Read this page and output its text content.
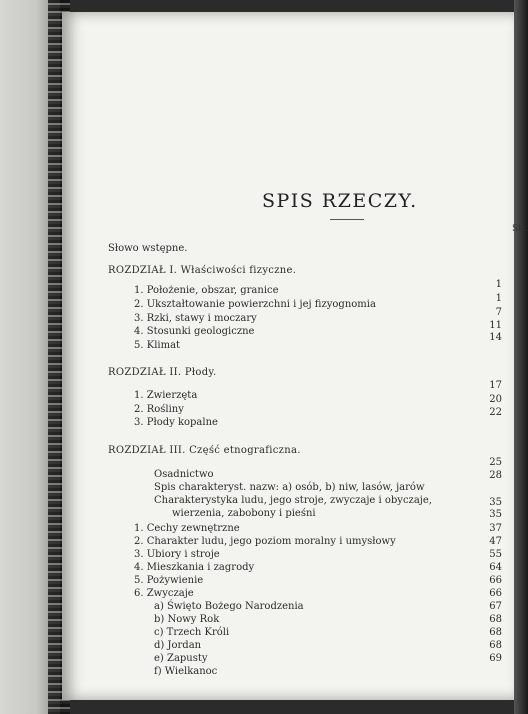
SPIS RZECZY.
Str.
Słowo wstępne.
ROZDZIAŁ I. Właściwości fizyczne.
1. Położenie, obszar, granice
1
2. Ukształtowanie powierzchni i jej fizyognomia
1
3. Rzki, stawy i moczary
7
4. Stosunki geologiczne
11
5. Klimat
14
ROZDZIAŁ II. Płody.
1. Zwierzęta
17
2. Rośliny
20
3. Płody kopalne
22
ROZDZIAŁ III. Część etnograficzna.
Osadnictwo
25
Spis charakteryst. nazw: a) osób, b) niw, lasów, jarów
28
Charakterystyka ludu, jego stroje, zwyczaje i obyczaje,
wierzenia, zabobony i pieśni
35
1. Cechy zewnętrzne
35
2. Charakter ludu, jego poziom moralny i umysłowy
37
3. Ubiory i stroje
47
4. Mieszkania i zagrody
55
5. Pożywienie
64
6. Zwyczaje
66
a) Święto Bożego Narodzenia
66
b) Nowy Rok
67
c) Trzech Króli
68
d) Jordan
68
e) Zapusty
68
f) Wielkanoc
69
